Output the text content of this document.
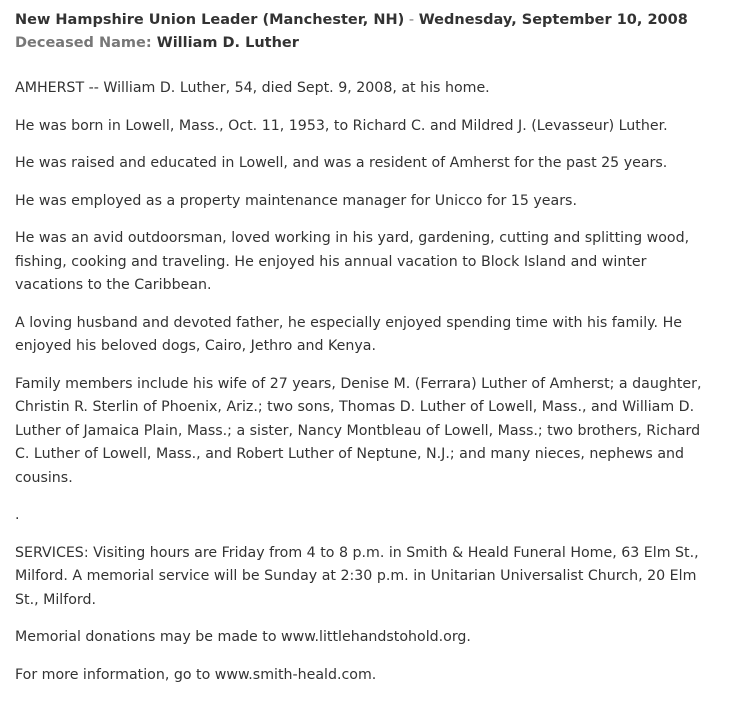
New Hampshire Union Leader (Manchester, NH) - Wednesday, September 10, 2008
Deceased Name: William D. Luther

AMHERST -- William D. Luther, 54, died Sept. 9, 2008, at his home.

He was born in Lowell, Mass., Oct. 11, 1953, to Richard C. and Mildred J. (Levasseur) Luther.

He was raised and educated in Lowell, and was a resident of Amherst for the past 25 years.

He was employed as a property maintenance manager for Unicco for 15 years.

He was an avid outdoorsman, loved working in his yard, gardening, cutting and splitting wood, fishing, cooking and traveling. He enjoyed his annual vacation to Block Island and winter vacations to the Caribbean.

A loving husband and devoted father, he especially enjoyed spending time with his family. He enjoyed his beloved dogs, Cairo, Jethro and Kenya.

Family members include his wife of 27 years, Denise M. (Ferrara) Luther of Amherst; a daughter, Christin R. Sterlin of Phoenix, Ariz.; two sons, Thomas D. Luther of Lowell, Mass., and William D. Luther of Jamaica Plain, Mass.; a sister, Nancy Montbleau of Lowell, Mass.; two brothers, Richard C. Luther of Lowell, Mass., and Robert Luther of Neptune, N.J.; and many nieces, nephews and cousins.

.

SERVICES: Visiting hours are Friday from 4 to 8 p.m. in Smith & Heald Funeral Home, 63 Elm St., Milford. A memorial service will be Sunday at 2:30 p.m. in Unitarian Universalist Church, 20 Elm St., Milford.

Memorial donations may be made to www.littlehandstohold.org.

For more information, go to www.smith-heald.com.
